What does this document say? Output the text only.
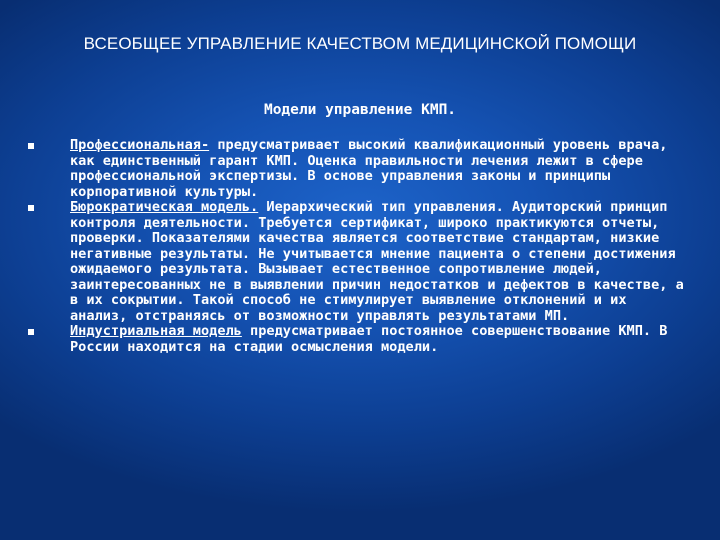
ВСЕОБЩЕЕ УПРАВЛЕНИЕ КАЧЕСТВОМ МЕДИЦИНСКОЙ ПОМОЩИ
Модели управление КМП.
Профессиональная- предусматривает высокий квалификационный уровень врача, как единственный гарант КМП. Оценка правильности лечения лежит в сфере профессиональной экспертизы. В основе управления законы и принципы корпоративной культуры.
Бюрократическая модель. Иерархический тип управления. Аудиторский принцип контроля деятельности. Требуется сертификат, широко практикуются отчеты, проверки. Показателями качества является соответствие стандартам, низкие негативные результаты. Не учитывается мнение пациента о степени достижения ожидаемого результата. Вызывает естественное сопротивление людей, заинтересованных не в выявлении причин недостатков и дефектов в качестве, а в их сокрытии. Такой способ не стимулирует выявление отклонений и их анализ, отстраняясь от возможности управлять результатами МП.
Индустриальная модель предусматривает постоянное совершенствование КМП. В России находится на стадии осмысления модели.
